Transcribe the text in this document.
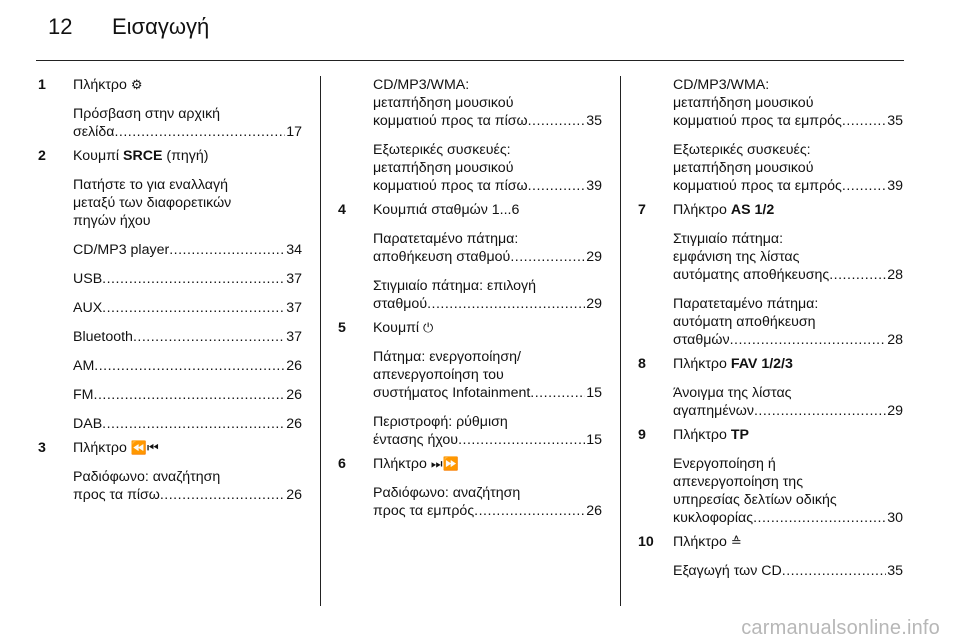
12 Εισαγωγή
1 Πλήκτρο ⚙
Πρόσβαση στην αρχική
σελίδα .....	17
2 Κουμπί SRCE (πηγή)
Πατήστε το για εναλλαγή
μεταξύ των διαφορετικών
πηγών ήχου
CD/MP3 player .....	34
USB .....	37
AUX .....	37
Bluetooth .....	37
AM .....	26
FM .....	26
DAB .....	26
3 Πλήκτρο ⏪⏮
Ραδιόφωνο: αναζήτηση
προς τα πίσω .....	26
CD/MP3/WMA:
μεταπήδηση μουσικού
κομματιού προς τα πίσω .....	35
Εξωτερικές συσκευές:
μεταπήδηση μουσικού
κομματιού προς τα πίσω .....	39
4 Κουμπιά σταθμών 1...6
Παρατεταμένο πάτημα:
αποθήκευση σταθμού .....	29
Στιγμιαίο πάτημα: επιλογή
σταθμού .....	29
5 Κουμπί ⏻
Πάτημα: ενεργοποίηση/
απενεργοποίηση του
συστήματος Infotainment .....	15
Περιστροφή: ρύθμιση
έντασης ήχου .....	15
6 Πλήκτρο ⏭⏩
Ραδιόφωνο: αναζήτηση
προς τα εμπρός .....	26
CD/MP3/WMA:
μεταπήδηση μουσικού
κομματιού προς τα εμπρός .....	35
Εξωτερικές συσκευές:
μεταπήδηση μουσικού
κομματιού προς τα εμπρός .....	39
7 Πλήκτρο AS 1/2
Στιγμιαίο πάτημα:
εμφάνιση της λίστας
αυτόματης αποθήκευσης .....	28
Παρατεταμένο πάτημα:
αυτόματη αποθήκευση
σταθμών .....	28
8 Πλήκτρο FAV 1/2/3
Άνοιγμα της λίστας
αγαπημένων .....	29
9 Πλήκτρο TP
Ενεργοποίηση ή
απενεργοποίηση της
υπηρεσίας δελτίων οδικής
κυκλοφορίας .....	30
10 Πλήκτρο ≙
Εξαγωγή των CD .....	35
carmanualsonline.info
